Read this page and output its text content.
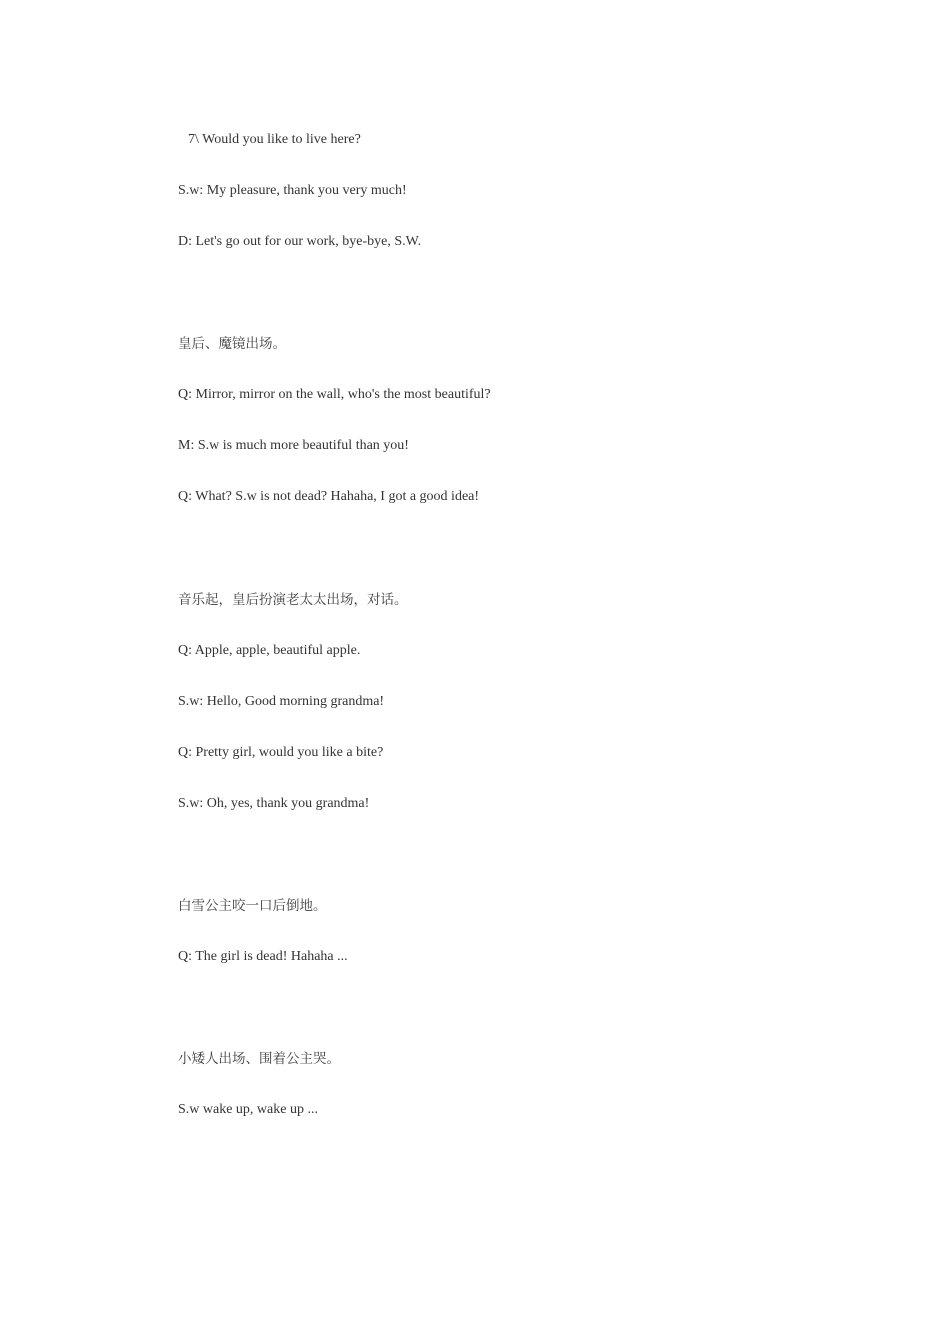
7\ Would you like to live here?
S.w: My pleasure, thank you very much!
D: Let's go out for our work, bye-bye, S.W.
皇后、魔镜出场。
Q: Mirror, mirror on the wall, who's the most beautiful?
M: S.w is much more beautiful than you!
Q: What? S.w is not dead? Hahaha, I got a good idea!
音乐起，皇后扮演老太太出场，对话。
Q: Apple, apple, beautiful apple.
S.w: Hello, Good morning grandma!
Q: Pretty girl, would you like a bite?
S.w: Oh, yes, thank you grandma!
白雪公主咬一口后倒地。
Q: The girl is dead! Hahaha ...
小矮人出场、围着公主哭。
S.w wake up, wake up ...
